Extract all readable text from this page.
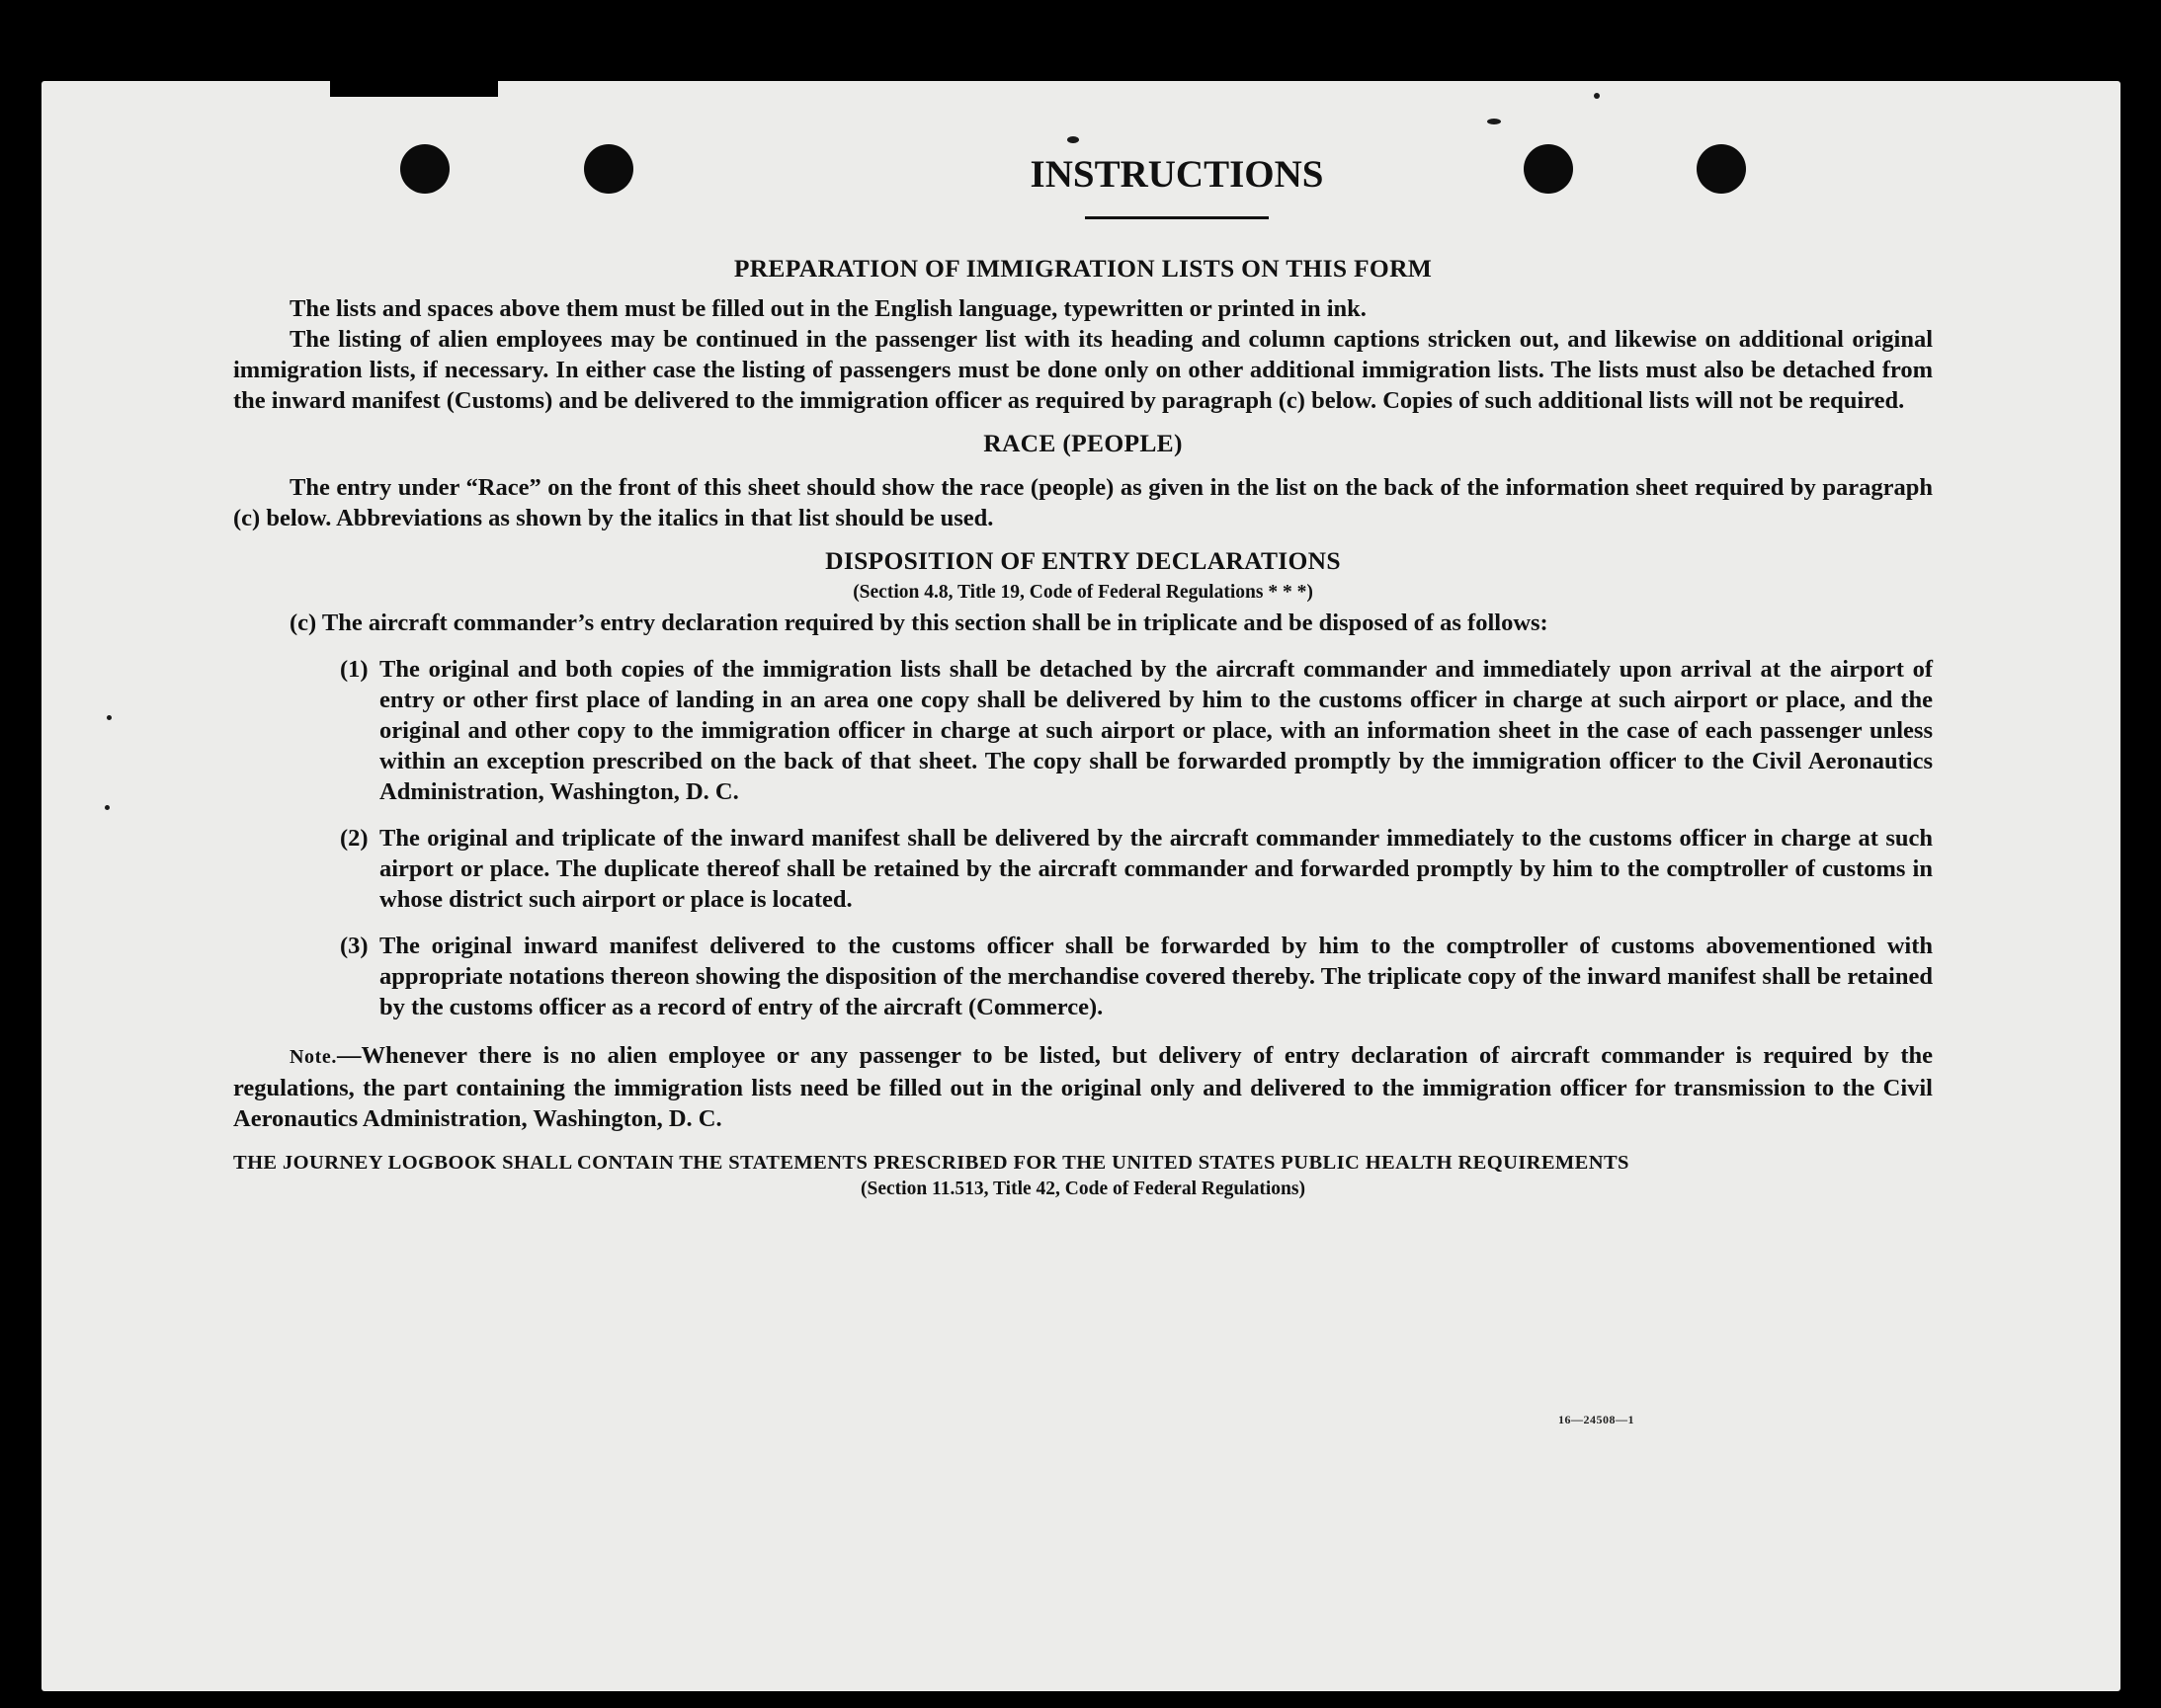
INSTRUCTIONS
PREPARATION OF IMMIGRATION LISTS ON THIS FORM

The lists and spaces above them must be filled out in the English language, typewritten or printed in ink.

The listing of alien employees may be continued in the passenger list with its heading and column captions stricken out, and likewise on additional original immigration lists, if necessary. In either case the listing of passengers must be done only on other additional immigration lists. The lists must also be detached from the inward manifest (Customs) and be delivered to the immigration officer as required by paragraph (c) below. Copies of such additional lists will not be required.

RACE (PEOPLE)

The entry under “Race” on the front of this sheet should show the race (people) as given in the list on the back of the information sheet required by paragraph (c) below. Abbreviations as shown by the italics in that list should be used.

DISPOSITION OF ENTRY DECLARATIONS
(Section 4.8, Title 19, Code of Federal Regulations * * *)

(c) The aircraft commander’s entry declaration required by this section shall be in triplicate and be disposed of as follows:

(1) The original and both copies of the immigration lists shall be detached by the aircraft commander and immediately upon arrival at the airport of entry or other first place of landing in an area one copy shall be delivered by him to the customs officer in charge at such airport or place, and the original and other copy to the immigration officer in charge at such airport or place, with an information sheet in the case of each passenger unless within an exception prescribed on the back of that sheet. The copy shall be forwarded promptly by the immigration officer to the Civil Aeronautics Administration, Washington, D. C.

(2) The original and triplicate of the inward manifest shall be delivered by the aircraft commander immediately to the customs officer in charge at such airport or place. The duplicate thereof shall be retained by the aircraft commander and forwarded promptly by him to the comptroller of customs in whose district such airport or place is located.

(3) The original inward manifest delivered to the customs officer shall be forwarded by him to the comptroller of customs abovementioned with appropriate notations thereon showing the disposition of the merchandise covered thereby. The triplicate copy of the inward manifest shall be retained by the customs officer as a record of entry of the aircraft (Commerce).

Note.—Whenever there is no alien employee or any passenger to be listed, but delivery of entry declaration of aircraft commander is required by the regulations, the part containing the immigration lists need be filled out in the original only and delivered to the immigration officer for transmission to the Civil Aeronautics Administration, Washington, D. C.

THE JOURNEY LOGBOOK SHALL CONTAIN THE STATEMENTS PRESCRIBED FOR THE UNITED STATES PUBLIC HEALTH REQUIREMENTS
(Section 11.513, Title 42, Code of Federal Regulations)
16—24508—1
